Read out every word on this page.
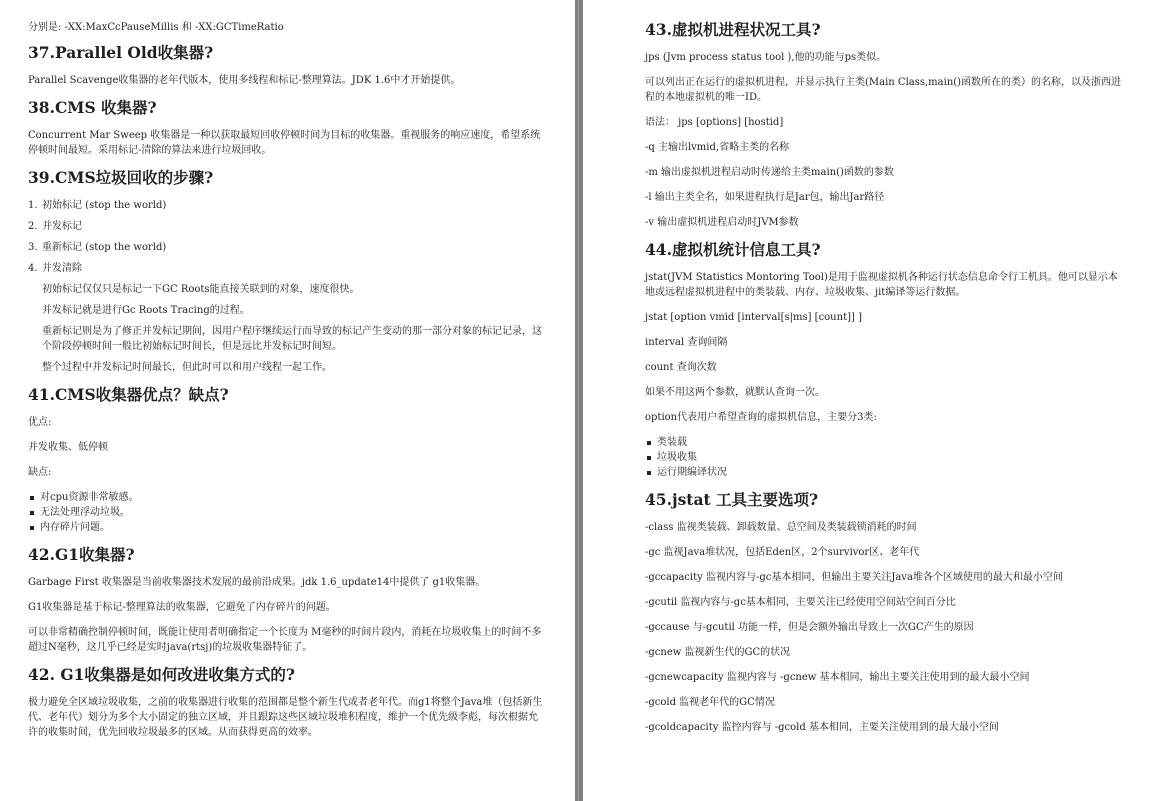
分别是: -XX:MaxCcPauseMillis 和 -XX:GCTimeRatio

37.Parallel Old收集器?

Parallel Scavenge收集器的老年代版本，使用多线程和标记-整理算法。JDK 1.6中才开始提供。

38.CMS 收集器?

Concurrent Mar Sweep 收集器是一种以获取最短回收停顿时间为目标的收集器。重视服务的响应速度，希望系统停顿时间最短。采用标记-清除的算法来进行垃圾回收。

39.CMS垃圾回收的步骤?
1. 初始标记 (stop the world)
2. 并发标记
3. 重新标记 (stop the world)
4. 并发清除

初始标记仅仅只是标记一下GC Roots能直接关联到的对象，速度很快。

并发标记就是进行Gc Roots Tracing的过程。

重新标记则是为了修正并发标记期间，因用户程序继续运行而导致的标记产生变动的那一部分对象的标记记录，这个阶段停顿时间一般比初始标记时间长，但是远比并发标记时间短。

整个过程中并发标记时间最长，但此时可以和用户线程一起工作。

41.CMS收集器优点？缺点?

优点:

并发收集、低停顿

缺点:

对cpu资源非常敏感。
无法处理浮动垃圾。
内存碎片问题。
42.G1收集器?

Garbage First 收集器是当前收集器技术发展的最前沿成果。jdk 1.6_update14中提供了 g1收集器。

G1收集器是基于标记-整理算法的收集器，它避免了内存碎片的问题。

可以非常精确控制停顿时间，既能让使用者明确指定一个长度为 M毫秒的时间片段内，消耗在垃圾收集上的时间不多超过N毫秒，这几乎已经是实时java(rtsj)的垃圾收集器特征了。

42. G1收集器是如何改进收集方式的?

极力避免全区域垃圾收集，之前的收集器进行收集的范围都是整个新生代或者老年代。而g1将整个Java堆（包括新生代、老年代）划分为多个大小固定的独立区域，并且跟踪这些区域垃圾堆积程度，维护一个优先级李彪，每次根据允许的收集时间，优先回收垃圾最多的区域。从而获得更高的效率。

43.虚拟机进程状况工具?

jps (Jvm process status tool ),他的功能与ps类似。

可以列出正在运行的虚拟机进程，并显示执行主类(Main Class,main()函数所在的类）的名称，以及浙西进程的本地虚拟机的唯一ID。

语法： jps [options] [hostid]

-q 主输出lvmid,省略主类的名称

-m 输出虚拟机进程启动时传递给主类main()函数的参数

-l 输出主类全名，如果进程执行是Jar包，输出Jar路径

-v 输出虚拟机进程启动时JVM参数

44.虚拟机统计信息工具?

jstat(JVM Statistics Montoring Tool)是用于监视虚拟机各种运行状态信息命令行工机具。他可以显示本地或远程虚拟机进程中的类装载、内存、垃圾收集、jit编译等运行数据。

jstat [option vmid [interval[s|ms] [count]] ]

interval 查询间隔

count 查询次数

如果不用这两个参数，就默认查询一次。

option代表用户希望查询的虚拟机信息，主要分3类:

类装载
垃圾收集
运行期编译状况
45.jstat 工具主要选项?

-class 监视类装载、卸载数量、总空间及类装载锁消耗的时间

-gc 监视Java堆状况，包括Eden区，2个survivor区、老年代

-gccapacity 监视内容与-gc基本相同，但输出主要关注Java堆各个区域使用的最大和最小空间

-gcutil 监视内容与-gc基本相同，主要关注已经使用空间站空间百分比

-gccause 与-gcutil 功能一样，但是会额外输出导致上一次GC产生的原因

-gcnew 监视新生代的GC的状况

-gcnewcapacity 监视内容与 -gcnew 基本相同，输出主要关注使用到的最大最小空间

-gcold 监视老年代的GC情况

-gcoldcapacity 监控内容与 -gcold 基本相同，主要关注使用到的最大最小空间
